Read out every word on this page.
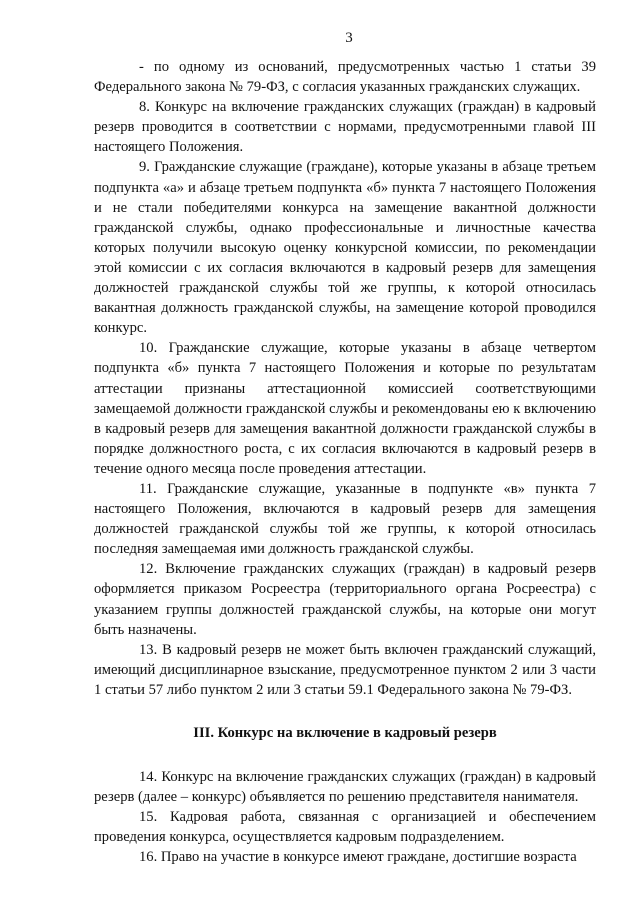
3

- по одному из оснований, предусмотренных частью 1 статьи 39 Федерального закона № 79-ФЗ, с согласия указанных гражданских служащих.

8. Конкурс на включение гражданских служащих (граждан) в кадровый резерв проводится в соответствии с нормами, предусмотренными главой III настоящего Положения.

9. Гражданские служащие (граждане), которые указаны в абзаце третьем подпункта «а» и абзаце третьем подпункта «б» пункта 7 настоящего Положения и не стали победителями конкурса на замещение вакантной должности гражданской службы, однако профессиональные и личностные качества которых получили высокую оценку конкурсной комиссии, по рекомендации этой комиссии с их согласия включаются в кадровый резерв для замещения должностей гражданской службы той же группы, к которой относилась вакантная должность гражданской службы, на замещение которой проводился конкурс.

10. Гражданские служащие, которые указаны в абзаце четвертом подпункта «б» пункта 7 настоящего Положения и которые по результатам аттестации признаны аттестационной комиссией соответствующими замещаемой должности гражданской службы и рекомендованы ею к включению в кадровый резерв для замещения вакантной должности гражданской службы в порядке должностного роста, с их согласия включаются в кадровый резерв в течение одного месяца после проведения аттестации.

11. Гражданские служащие, указанные в подпункте «в» пункта 7 настоящего Положения, включаются в кадровый резерв для замещения должностей гражданской службы той же группы, к которой относилась последняя замещаемая ими должность гражданской службы.

12. Включение гражданских служащих (граждан) в кадровый резерв оформляется приказом Росреестра (территориального органа Росреестра) с указанием группы должностей гражданской службы, на которые они могут быть назначены.

13. В кадровый резерв не может быть включен гражданский служащий, имеющий дисциплинарное взыскание, предусмотренное пунктом 2 или 3 части 1 статьи 57 либо пунктом 2 или 3 статьи 59.1 Федерального закона № 79-ФЗ.

III. Конкурс на включение в кадровый резерв

14. Конкурс на включение гражданских служащих (граждан) в кадровый резерв (далее – конкурс) объявляется по решению представителя нанимателя.

15. Кадровая работа, связанная с организацией и обеспечением проведения конкурса, осуществляется кадровым подразделением.

16. Право на участие в конкурсе имеют граждане, достигшие возраста
